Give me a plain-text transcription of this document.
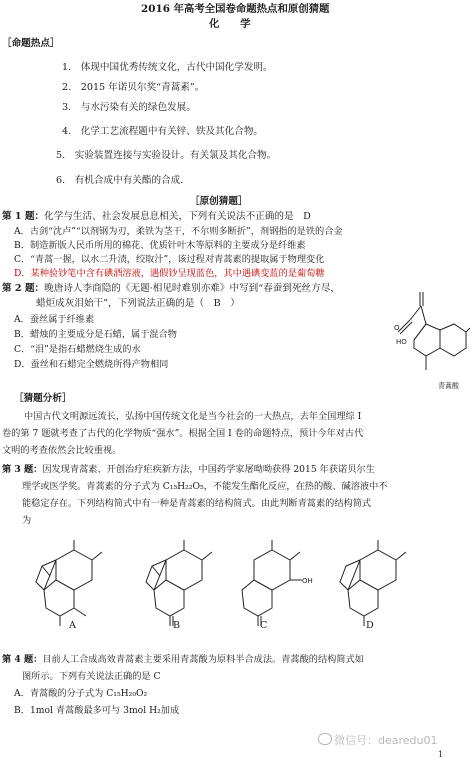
2016 年高考全国卷命题热点和原创猜题
化　　学
［命题热点］
1.　体现中国优秀传统文化，古代中国化学发明。
2.　2015 年诺贝尔奖“青蒿素”。
3.　与水污染有关的绿色发展。
4.　化学工艺流程题中有关锌、铁及其化合物。
5.　实验装置连接与实验设计。有关氯及其化合物。
6.　有机合成中有关酯的合成.
［原创猜题］
第 1 题：化学与生活、社会发展息息相关，下列有关说法不正确的是　D
A．古剑“沈卢”“以剂钢为刃，柔铁为茎干，不尔则多断折”，剂钢指的是铁的合金
B．制造新版人民币所用的棉花、优质针叶木等原料的主要成分是纤维素
C．“青蒿一握，以水二升渍，绞取汁”，该过程对青蒿素的提取属于物理变化
D．某种验钞笔中含有碘酒溶液，遇假钞呈现蓝色，其中遇碘变蓝的是葡萄糖
第 2 题：晚唐诗人李商隐的《无题·相见时难别亦难》中写到“春蚕到死丝方尽，
蜡炬成灰泪始干”，下列说法正确的是（　B　）
A．蚕丝属于纤维素
B．蜡烛的主要成分是石蜡，属于混合物
C．“泪”是指石蜡燃烧生成的水
D．蚕丝和石蜡完全燃烧所得产物相同
HO
O
青蒿酸
［猜题分析］
中国古代文明源远流长，弘扬中国传统文化是当今社会的一大热点，去年全国理综 I
卷的第 7 题就考查了古代的化学物质“强水”。根据全国 I 卷的命题特点，预计今年对古代
文明的考查依然会比较重视。
第 3 题：因发现青蒿素、开创治疗疟疾新方法，中国药学家屠呦呦获得 2015 年获诺贝尔生
理学或医学奖。青蒿素的分子式为 C₁₅H₂₂O₅，不能发生酯化反应，在热的酸、碱溶液中不
能稳定存在。下列结构简式中有一种是青蒿素的结构简式。由此判断青蒿素的结构简式
为　　　　
OH
A	B	C	D
第 4 题：目前人工合成高效青蒿素主要采用青蒿酸为原料半合成法。青蒿酸的结构简式如
图所示。下列有关说法正确的是 C
A．青蒿酸的分子式为 C₁₅H₂₀O₂
B．1mol 青蒿酸最多可与 3mol H₂加成
微信号：dearedu01
1
